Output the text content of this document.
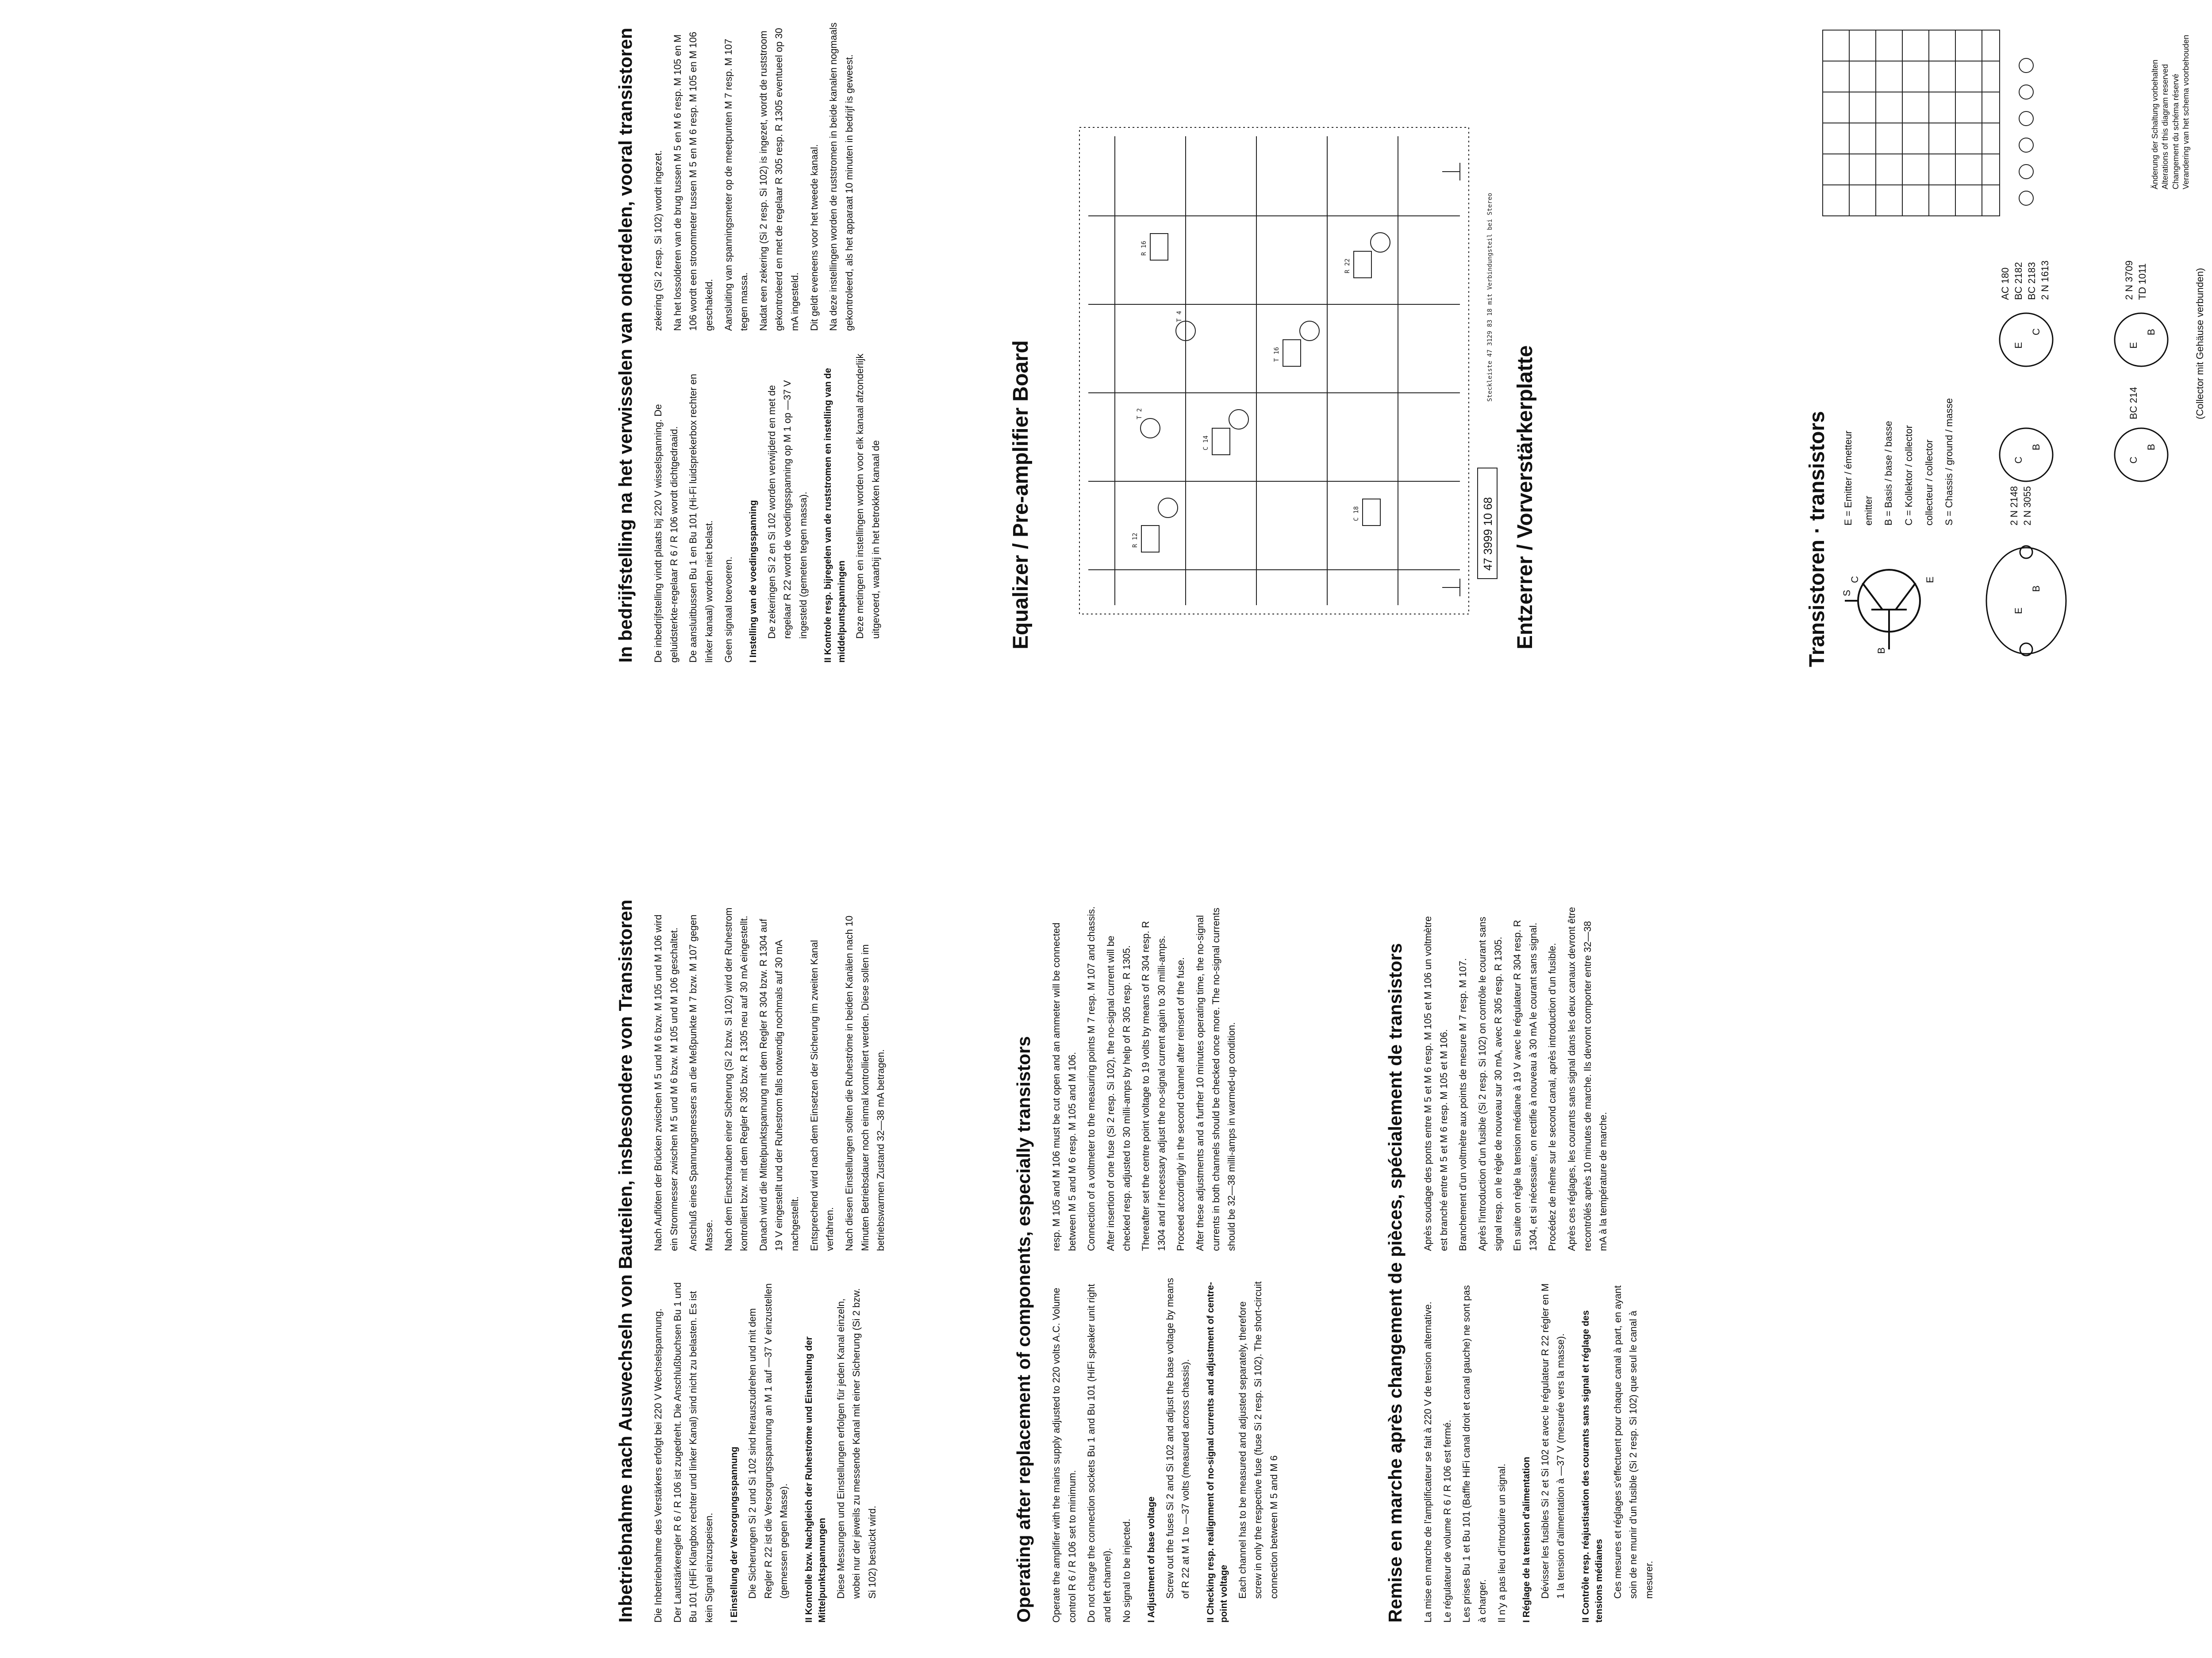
Inbetriebnahme nach Auswechseln von Bauteilen, insbesondere von Transistoren Die Inbetriebnahme des Verstärkers erfolgt bei 220 V Wechselspannung. Der Lautstärkeregler R 6 / R 106 ist zugedreht. Die Anschlußbuchsen Bu 1 und Bu 101 (HiFi Klangbox rechter und linker Kanal) sind nicht zu belasten. Es ist kein Signal einzuspeisen. I Einstellung der Versorgungsspannung Die Sicherungen Si 2 und Si 102 sind herauszudrehen und mit dem Regler R 22 ist die Versorgungsspannung an M 1 auf —37 V einzustellen (gemessen gegen Masse). II Kontrolle bzw. Nachgleich der Ruheströme und Einstellung der Mittelpunktspannungen Diese Messungen und Einstellungen erfolgen für jeden Kanal einzeln, wobei nur der jeweils zu messende Kanal mit einer Sicherung (Si 2 bzw. Si 102) bestückt wird.

Nach Auflöten der Brücken zwischen M 5 und M 6 bzw. M 105 und M 106 wird ein Strommesser zwischen M 5 und M 6 bzw. M 105 und M 106 geschaltet. Anschluß eines Spannungsmessers an die Meßpunkte M 7 bzw. M 107 gegen Masse. Nach dem Einschrauben einer Sicherung (Si 2 bzw. Si 102) wird der Ruhestrom kontrolliert bzw. mit dem Regler R 305 bzw. R 1305 neu auf 30 mA eingestellt. Danach wird die Mittelpunktspannung mit dem Regler R 304 bzw. R 1304 auf 19 V eingestellt und der Ruhestrom falls notwendig nochmals auf 30 mA nachgestellt. Entsprechend wird nach dem Einsetzen der Sicherung im zweiten Kanal verfahren. Nach diesen Einstellungen sollten die Ruheströme in beiden Kanälen nach 10 Minuten Betriebsdauer noch einmal kontrolliert werden. Diese sollen im betriebswarmen Zustand 32—38 mA betragen.	Operating after replacement of components, especially transistors Operate the amplifier with the mains supply adjusted to 220 volts A.C. Volume control R 6 / R 106 set to minimum. Do not charge the connection sockets Bu 1 and Bu 101 (HiFi speaker unit right and left channel). No signal to be injected. I Adjustment of base voltage Screw out the fuses Si 2 and Si 102 and adjust the base voltage by means of R 22 at M 1 to —37 volts (measured across chassis). II Checking resp. realignment of no-signal currents and adjustment of centre-point voltage Each channel has to be measured and adjusted separately, therefore screw in only the respective fuse (fuse Si 2 resp. Si 102). The short-circuit connection between M 5 and M 6

resp. M 105 and M 106 must be cut open and an ammeter will be connected between M 5 and M 6 resp. M 105 and M 106. Connection of a voltmeter to the measuring points M 7 resp. M 107 and chassis. After insertion of one fuse (Si 2 resp. Si 102), the no-signal current will be checked resp. adjusted to 30 milli-amps by help of R 305 resp. R 1305. Thereafter set the centre point voltage to 19 volts by means of R 304 resp. R 1304 and if necessary adjust the no-signal current again to 30 milli-amps. Proceed accordingly in the second channel after reinsert of the fuse. After these adjustments and a further 10 minutes operating time, the no-signal currents in both channels should be checked once more. The no-signal currents should be 32—38 milli-amps in warmed-up condition.	Remise en marche après changement de pièces, spécialement de transistors La mise en marche de l'amplificateur se fait à 220 V de tension alternative. Le régulateur de volume R 6 / R 106 est fermé. Les prises Bu 1 et Bu 101 (Baffle HiFi canal droit et canal gauche) ne sont pas à charger. Il n'y a pas lieu d'introduire un signal. I Réglage de la tension d'alimentation Dévisser les fusibles Si 2 et Si 102 et avec le régulateur R 22 régler en M 1 la tension d'alimentation à —37 V (mesurée vers la masse). II Contrôle resp. réajustisation des courants sans signal et réglage des tensions médianes Ces mesures et réglages s'effectuent pour chaque canal à part, en ayant soin de ne munir d'un fusible (Si 2 resp. Si 102) que seul le canal à mesurer.

Après soudage des ponts entre M 5 et M 6 resp. M 105 et M 106 un voltmètre est branché entre M 5 et M 6 resp. M 105 et M 106. Branchement d'un voltmètre aux points de mesure M 7 resp. M 107. Après l'introduction d'un fusible (Si 2 resp. Si 102) on contrôle le courant sans signal resp. on le règle de nouveau sur 30 mA, avec R 305 resp. R 1305. En suite on règle la tension médiane à 19 V avec le régulateur R 304 resp. R 1304, et si nécessaire, on rectifie à nouveau à 30 mA le courant sans signal. Procédez de même sur le second canal, après introduction d'un fusible. Après ces réglages, les courants sans signal dans les deux canaux devront être recontrôlés après 10 minutes de marche. Ils devront comporter entre 32—38 mA à la température de marche.

In bedrijfstelling na het verwisselen van onderdelen, vooral transistoren De inbedrijfstelling vindt plaats bij 220 V wisselspanning. De geluidsterkte-regelaar R 6 / R 106 wordt dichtgedraaid. De aansluitbussen Bu 1 en Bu 101 (Hi-Fi luidsprekerbox rechter en linker kanaal) worden niet belast. Geen signaal toevoeren. I Instelling van de voedingsspanning De zekeringen Si 2 en Si 102 worden verwijderd en met de regelaar R 22 wordt de voedingsspanning op M 1 op —37 V ingesteld (gemeten tegen massa). II Kontrole resp. bijregelen van de ruststromen en instelling van de middelpuntspanningen Deze metingen en instellingen worden voor elk kanaal afzonderlijk uitgevoerd, waarbij in het betrokken kanaal de

zekering (Si 2 resp. Si 102) wordt ingezet. Na het lossolderen van de brug tussen M 5 en M 6 resp. M 105 en M 106 wordt een stroommeter tussen M 5 en M 6 resp. M 105 en M 106 geschakeld. Aansluiting van spanningsmeter op de meetpunten M 7 resp. M 107 tegen massa. Nadat een zekering (Si 2 resp. Si 102) is ingezet, wordt de ruststroom gekontroleerd en met de regelaar R 305 resp. R 1305 eventueel op 30 mA ingesteld. Dit geldt eveneens voor het tweede kanaal. Na deze instellingen worden de ruststromen in beide kanalen nogmaals gekontroleerd, als het apparaat 10 minuten in bedrijf is geweest.

Equalizer / Pre-amplifier Board	Entzerrer / Vorverstärkerplatte
R 12
C 14
T 16
R 22
C 18
R 16
T 2
T 4
47 3999 10 68
Steckleiste 47 3129 83 18 mit Verbindungsteil bei Stereo
Transistoren · transistors E = Emitter / émetteur emitter B = Basis / base / basse C = Kollektor / collector collecteur / collector S = Chassis / ground / masse

B
C	E
S
E
B
C
B
E
C
C
B
E
B
2 N 2148 2 N 3055
BC 214
AC 180 BC 2182 BC 2183 2 N 1613	2 N 3709 TD 1011	(Collector mit Gehäuse verbunden)

Änderung der Schaltung vorbehalten Alterations of this diagram reserved Changement du schéma réservé Verandering van het schema voorbehouden
